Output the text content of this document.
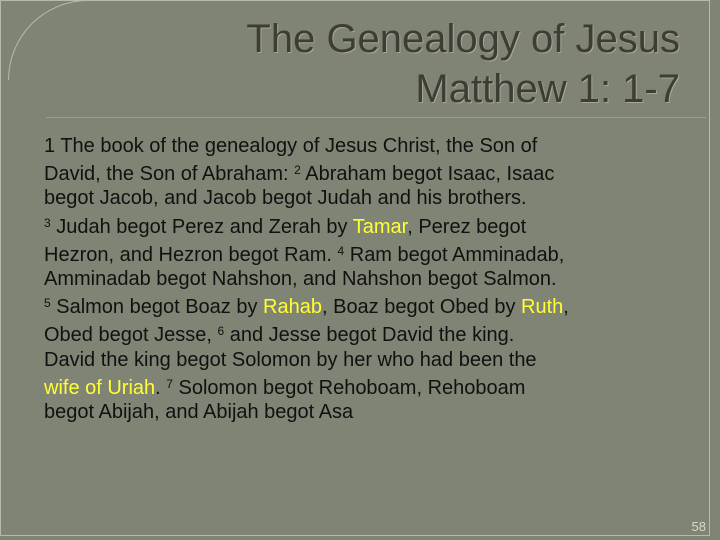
The Genealogy of Jesus
Matthew 1: 1-7
1 The book of the genealogy of Jesus Christ, the Son of
David, the Son of Abraham: $^2$ Abraham begot Isaac, Isaac
begot Jacob, and Jacob begot Judah and his brothers.
$^3$ Judah begot Perez and Zerah by Tamar, Perez begot
Hezron, and Hezron begot Ram. $^4$ Ram begot Amminadab,
Amminadab begot Nahshon, and Nahshon begot Salmon.
$^5$ Salmon begot Boaz by Rahab, Boaz begot Obed by Ruth,
Obed begot Jesse, $^6$ and Jesse begot David the king.
David the king begot Solomon by her who had been the
wife of Uriah. $^7$ Solomon begot Rehoboam, Rehoboam
begot Abijah, and Abijah begot Asa
58
